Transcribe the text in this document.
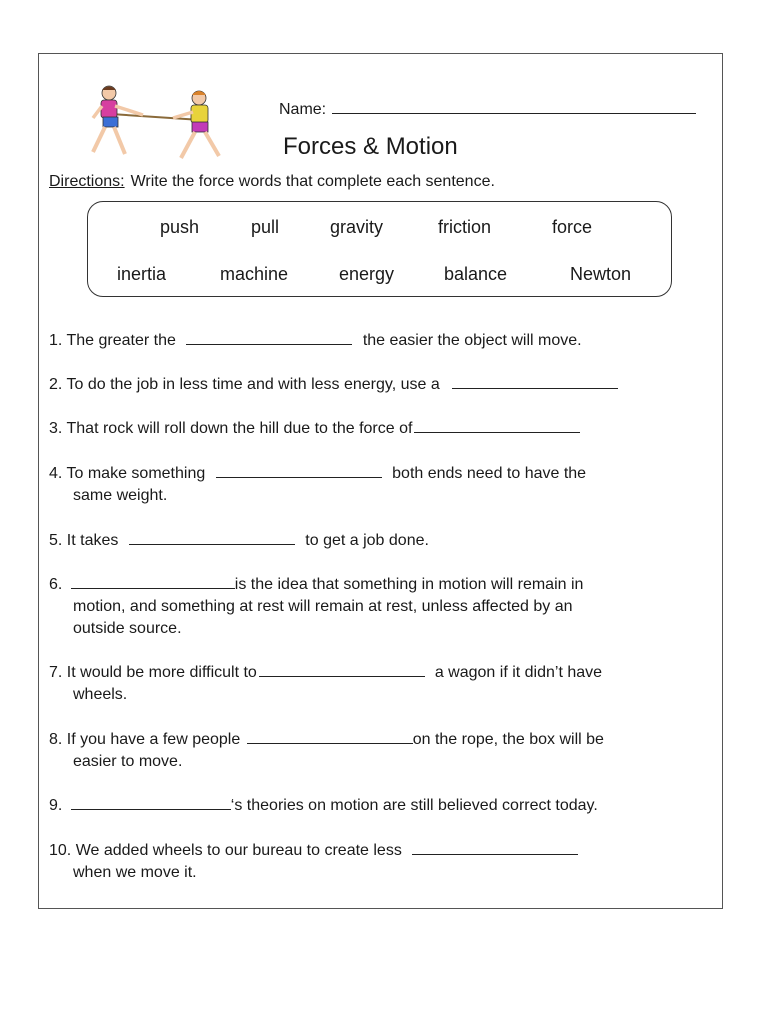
Name:
Forces & Motion
Directions: Write the force words that complete each sentence.
push	pull	gravity	friction	force
inertia	machine	energy	balance	Newton
1. The greater the	the easier the object will move.
2. To do the job in less time and with less energy, use a
3. That rock will roll down the hill due to the force of
4. To make something	both ends need to have the
same weight.
5. It takes	to get a job done.
6.	is the idea that something in motion will remain in
motion, and something at rest will remain at rest, unless affected by an
outside source.
7. It would be more difficult to	a wagon if it didn’t have
wheels.
8. If you have a few people	on the rope, the box will be
easier to move.
9.	‘s theories on motion are still believed correct today.
10. We added wheels to our bureau to create less
when we move it.
